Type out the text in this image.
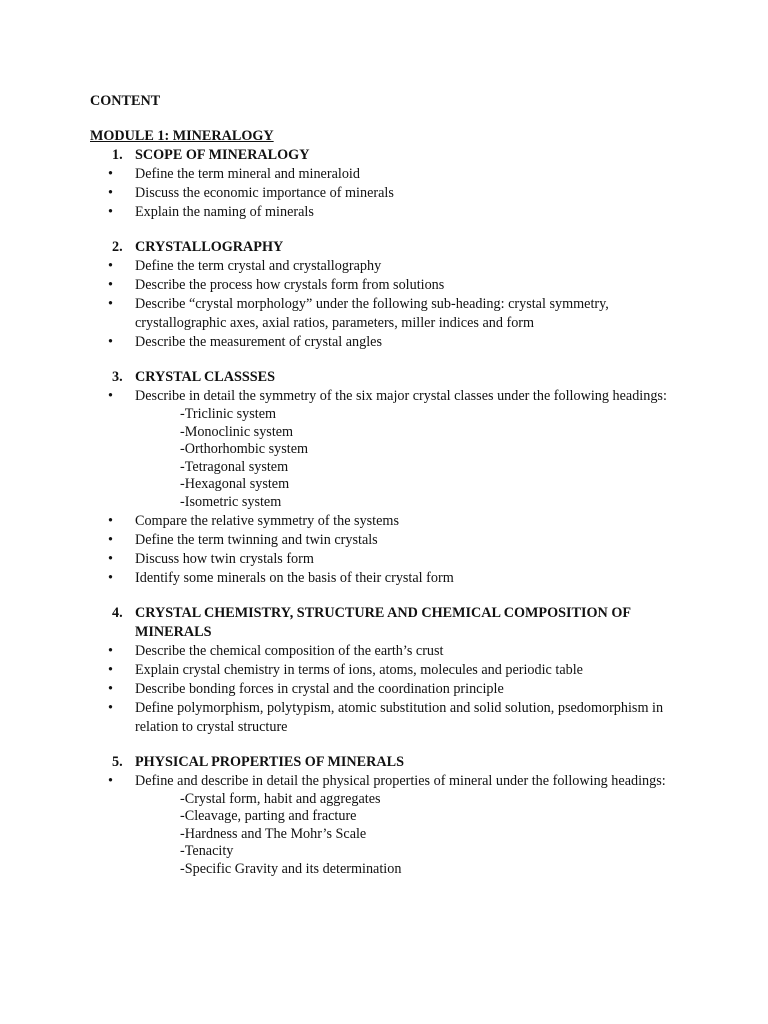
CONTENT
MODULE 1: MINERALOGY
1. SCOPE OF MINERALOGY
• Define the term mineral and mineraloid
• Discuss the economic importance of minerals
• Explain the naming of minerals
2. CRYSTALLOGRAPHY
• Define the term crystal and crystallography
• Describe the process how crystals form from solutions
• Describe “crystal morphology” under the following sub-heading: crystal symmetry, crystallographic axes, axial ratios, parameters, miller indices and form
• Describe the measurement of crystal angles
3. CRYSTAL CLASSSES
• Describe in detail the symmetry of the six major crystal classes under the following headings:
-Triclinic system
-Monoclinic system
-Orthorhombic system
-Tetragonal system
-Hexagonal system
-Isometric system
• Compare the relative symmetry of the systems
• Define the term twinning and twin crystals
• Discuss how twin crystals form
• Identify some minerals on the basis of their crystal form
4. CRYSTAL CHEMISTRY, STRUCTURE AND CHEMICAL COMPOSITION OF MINERALS
• Describe the chemical composition of the earth’s crust
• Explain crystal chemistry in terms of ions, atoms, molecules and periodic table
• Describe bonding forces in crystal and the coordination principle
• Define polymorphism, polytypism, atomic substitution and solid solution, psedomorphism in relation to crystal structure
5. PHYSICAL PROPERTIES OF MINERALS
• Define and describe in detail the physical properties of mineral under the following headings:
-Crystal form, habit and aggregates
-Cleavage, parting and fracture
-Hardness and The Mohr’s Scale
-Tenacity
-Specific Gravity and its determination
